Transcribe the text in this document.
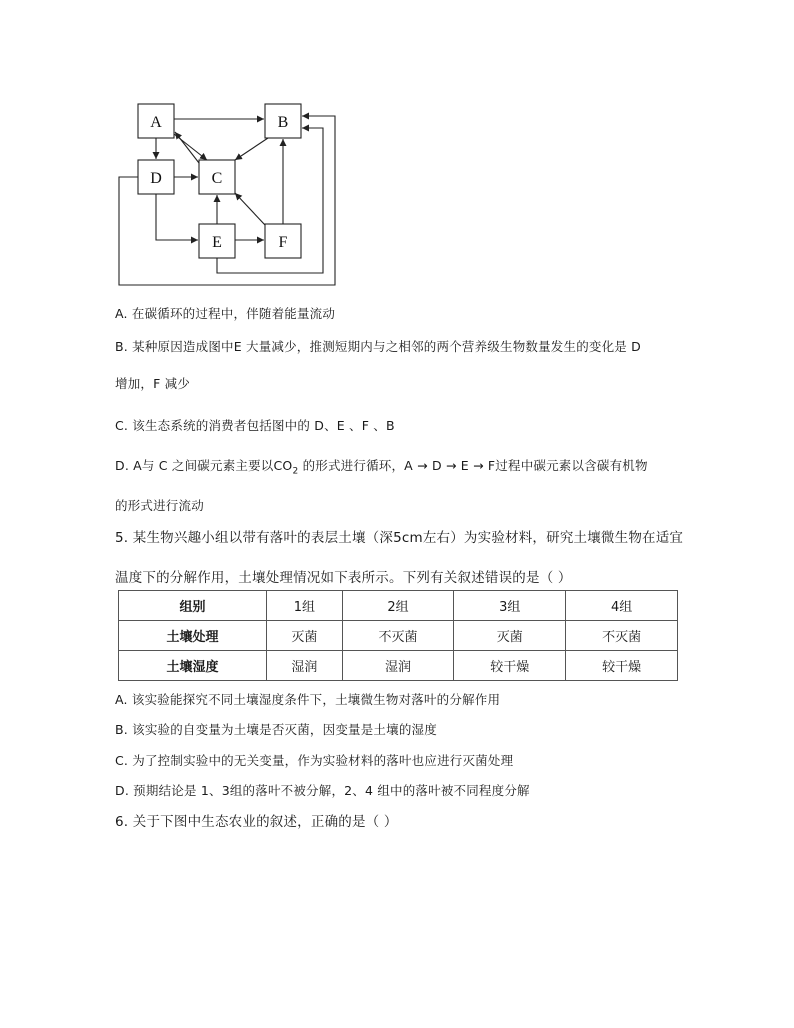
A	B
C
D
E	F
A. 在碳循环的过程中，伴随着能量流动
B. 某种原因造成图中E 大量减少，推测短期内与之相邻的两个营养级生物数量发生的变化是 D
增加，F 减少
C. 该生态系统的消费者包括图中的 D、E 、F 、B
D. A与 C 之间碳元素主要以$CO_2$ 的形式进行循环，A → D → E → F过程中碳元素以含碳有机物
的形式进行流动
5. 某生物兴趣小组以带有落叶的表层土壤（深5cm左右）为实验材料，研究土壤微生物在适宜
温度下的分解作用，土壤处理情况如下表所示。下列有关叙述错误的是（ ）
组别	1组	2组	3组	4组
土壤处理	灭菌	不灭菌	灭菌	不灭菌
土壤湿度	湿润	湿润	较干燥	较干燥
A. 该实验能探究不同土壤湿度条件下，土壤微生物对落叶的分解作用
B. 该实验的自变量为土壤是否灭菌，因变量是土壤的湿度
C. 为了控制实验中的无关变量，作为实验材料的落叶也应进行灭菌处理
D. 预期结论是 1、3组的落叶不被分解，2、4 组中的落叶被不同程度分解
6. 关于下图中生态农业的叙述，正确的是（ ）
